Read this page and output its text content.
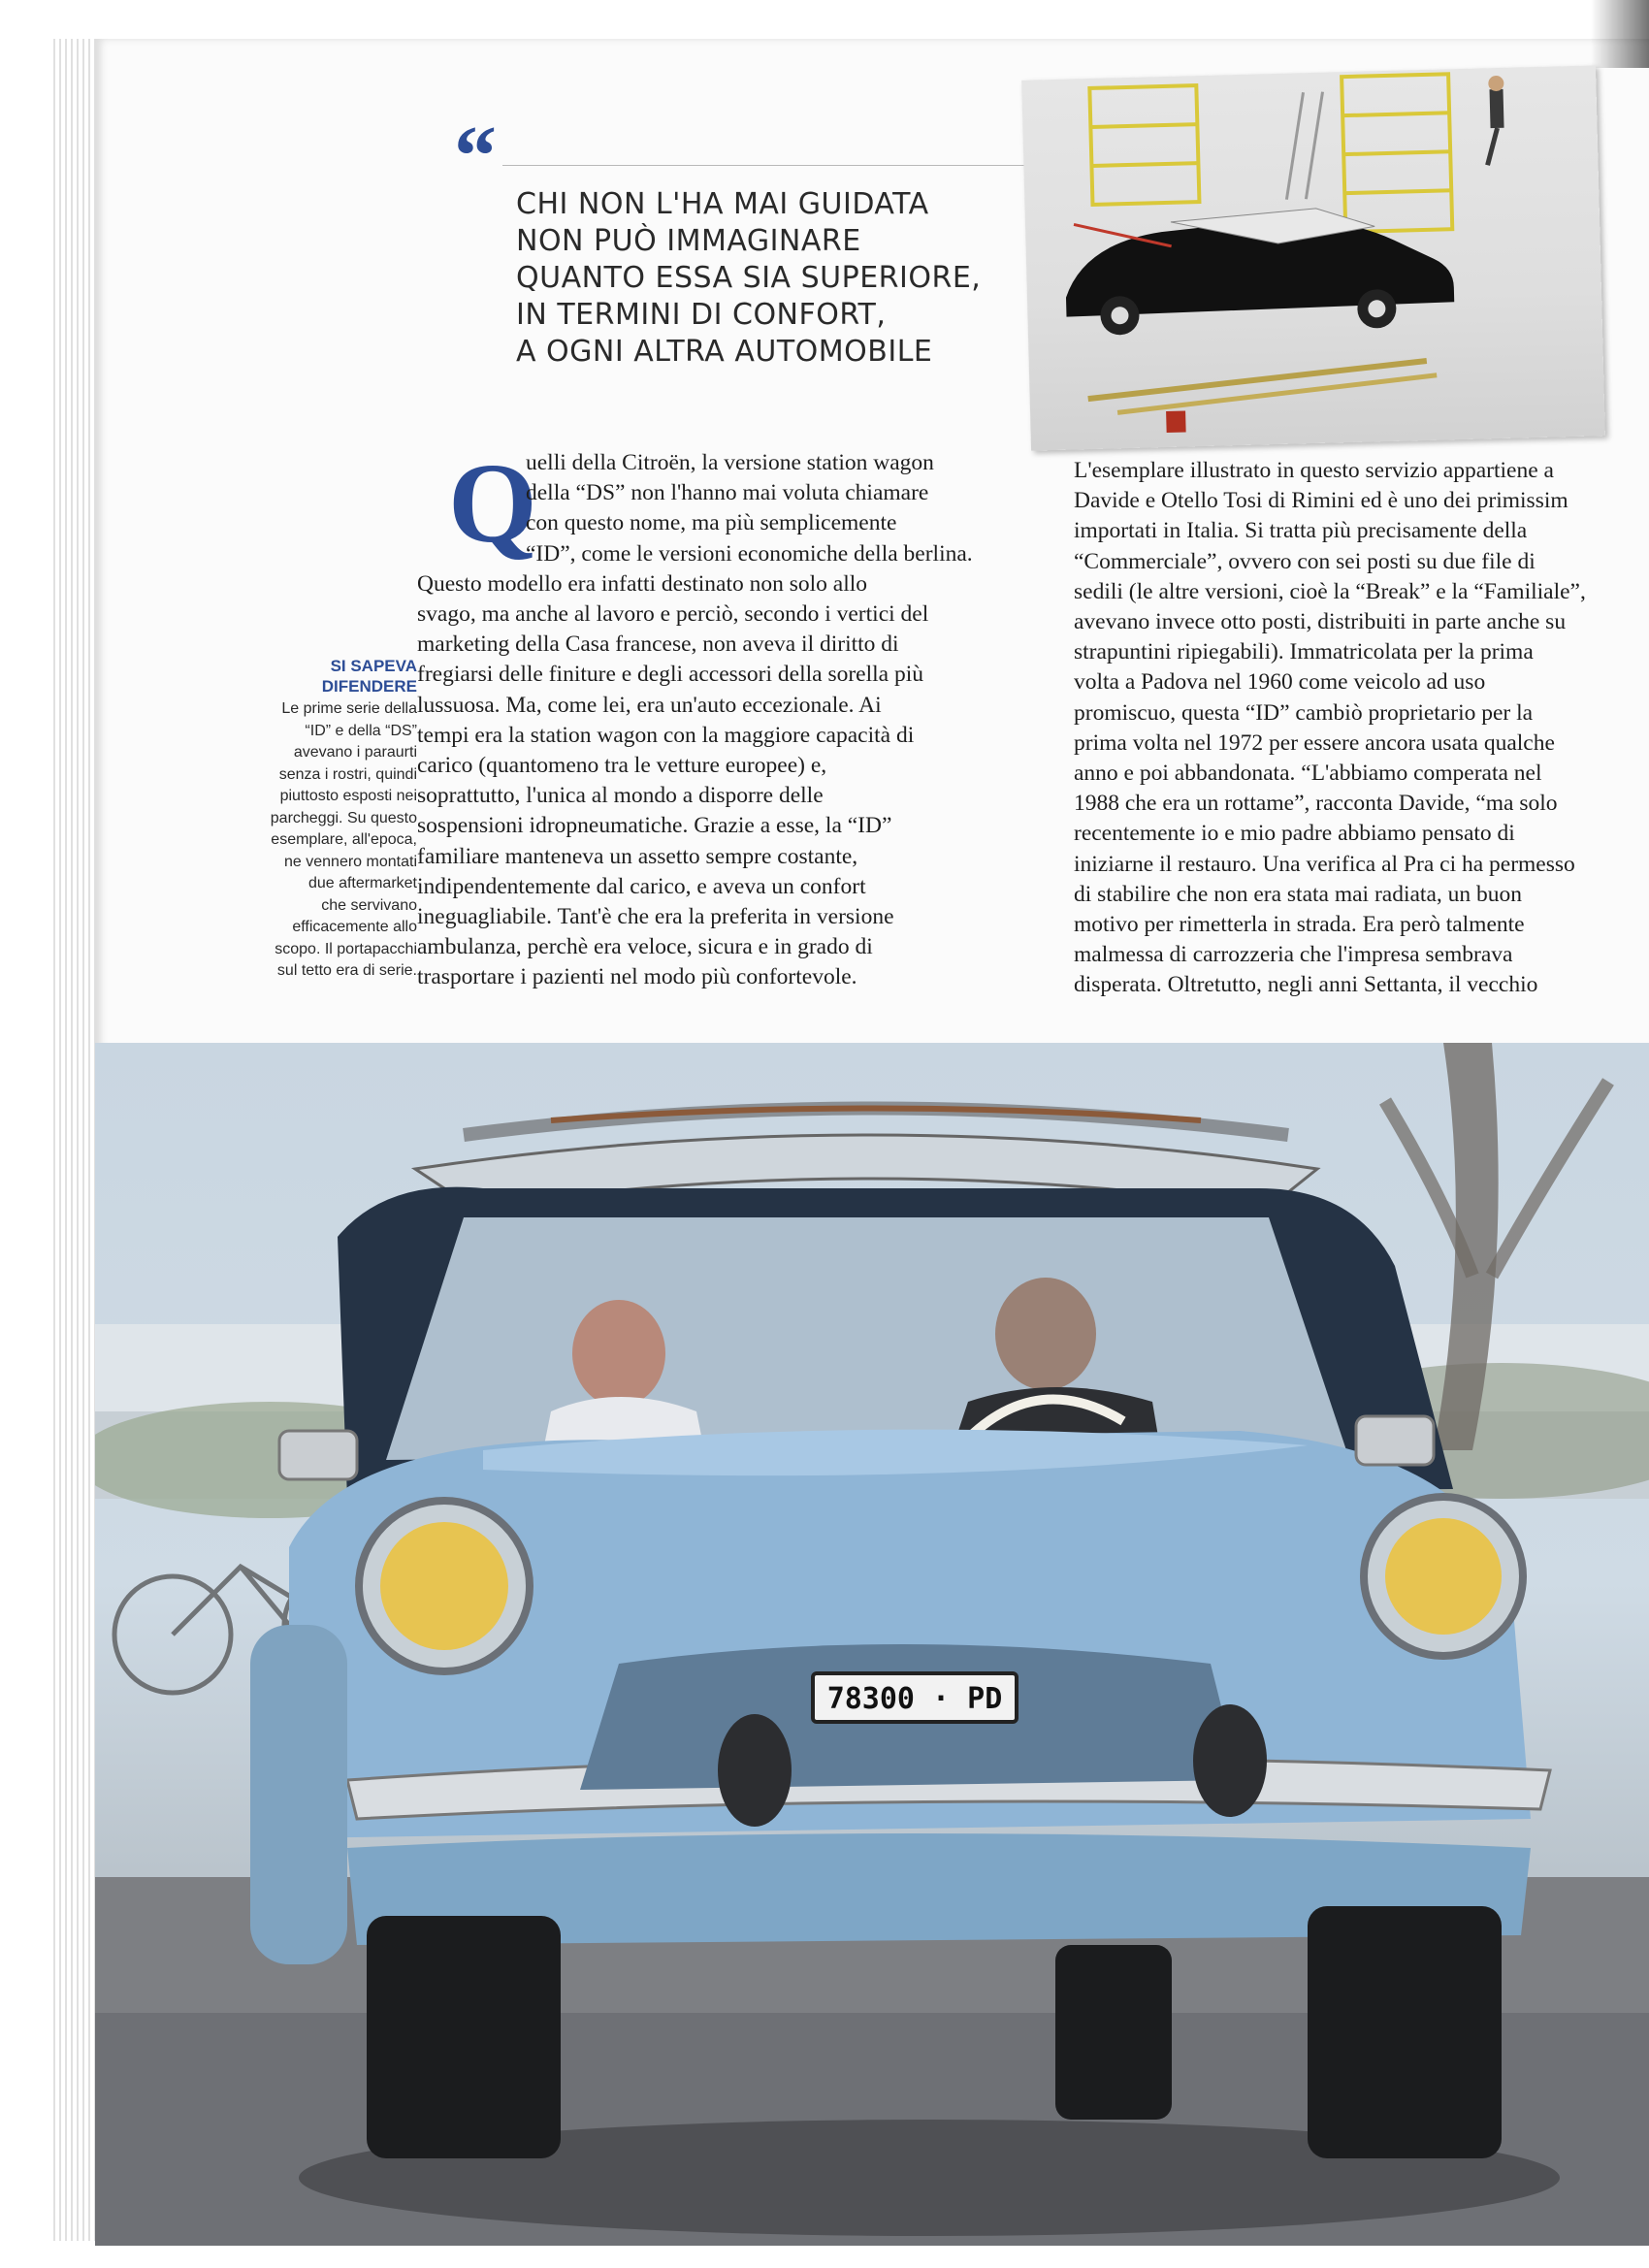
“
CHI NON L'HA MAI GUIDATA
NON PUÒ IMMAGINARE
QUANTO ESSA SIA SUPERIORE,
IN TERMINI DI CONFORT,
A OGNI ALTRA AUTOMOBILE
SI SAPEVA
DIFENDERE
Le prime serie della
“ID” e della “DS”
avevano i paraurti
senza i rostri, quindi
piuttosto esposti nei
parcheggi. Su questo
esemplare, all'epoca,
ne vennero montati
due aftermarket
che servivano
efficacemente allo
scopo. Il portapacchi
sul tetto era di serie.
Q
uelli della Citroën, la versione station wagon
della “DS” non l'hanno mai voluta chiamare
con questo nome, ma più semplicemente
“ID”, come le versioni economiche della berlina.
Questo modello era infatti destinato non solo allo
svago, ma anche al lavoro e perciò, secondo i vertici del
marketing della Casa francese, non aveva il diritto di
fregiarsi delle finiture e degli accessori della sorella più
lussuosa. Ma, come lei, era un'auto eccezionale. Ai
tempi era la station wagon con la maggiore capacità di
carico (quantomeno tra le vetture europee) e,
soprattutto, l'unica al mondo a disporre delle
sospensioni idropneumatiche. Grazie a esse, la “ID”
familiare manteneva un assetto sempre costante,
indipendentemente dal carico, e aveva un confort
ineguagliabile. Tant'è che era la preferita in versione
ambulanza, perchè era veloce, sicura e in grado di
trasportare i pazienti nel modo più confortevole.
L'esemplare illustrato in questo servizio appartiene a
Davide e Otello Tosi di Rimini ed è uno dei primissim
importati in Italia. Si tratta più precisamente della
“Commerciale”, ovvero con sei posti su due file di
sedili (le altre versioni, cioè la “Break” e la “Familiale”,
avevano invece otto posti, distribuiti in parte anche su
strapuntini ripiegabili). Immatricolata per la prima
volta a Padova nel 1960 come veicolo ad uso
promiscuo, questa “ID” cambiò proprietario per la
prima volta nel 1972 per essere ancora usata qualche
anno e poi abbandonata. “L'abbiamo comperata nel
1988 che era un rottame”, racconta Davide, “ma solo
recentemente io e mio padre abbiamo pensato di
iniziarne il restauro. Una verifica al Pra ci ha permesso
di stabilire che non era stata mai radiata, un buon
motivo per rimetterla in strada. Era però talmente
malmessa di carrozzeria che l'impresa sembrava
disperata. Oltretutto, negli anni Settanta, il vecchio
78300 · PD
